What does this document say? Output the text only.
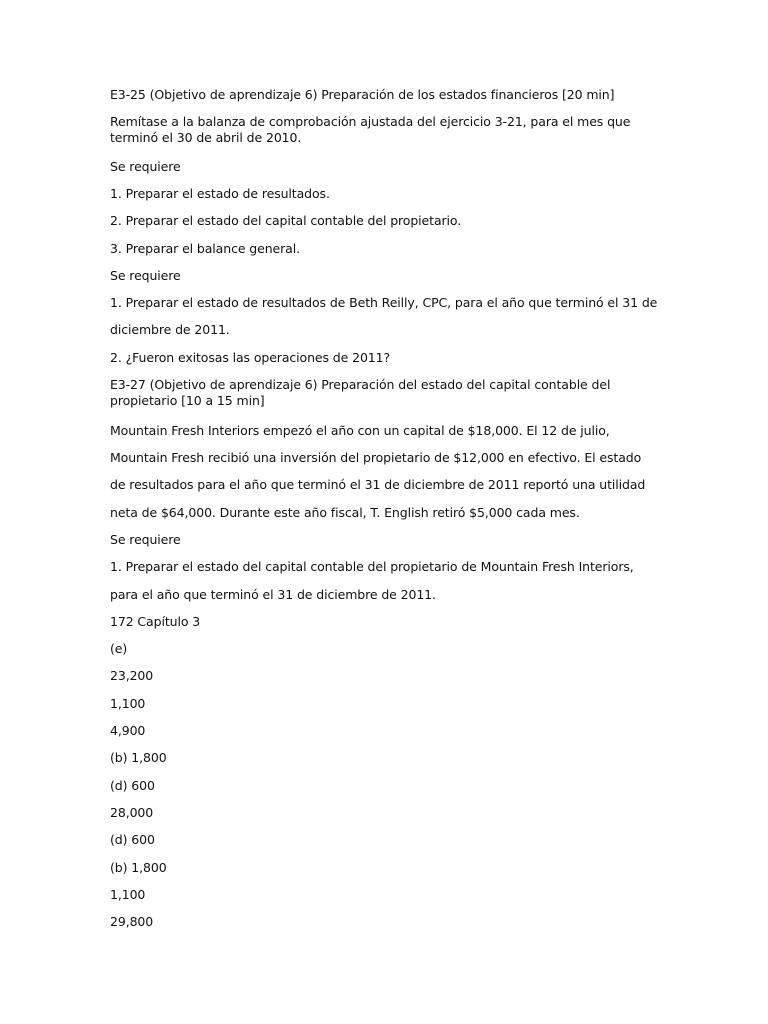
E3-25 (Objetivo de aprendizaje 6) Preparación de los estados financieros [20 min]
Remítase a la balanza de comprobación ajustada del ejercicio 3-21, para el mes que terminó el 30 de abril de 2010.
Se requiere
1. Preparar el estado de resultados.
2. Preparar el estado del capital contable del propietario.
3. Preparar el balance general.
Se requiere
1. Preparar el estado de resultados de Beth Reilly, CPC, para el año que terminó el 31 de
diciembre de 2011.
2. ¿Fueron exitosas las operaciones de 2011?
E3-27 (Objetivo de aprendizaje 6) Preparación del estado del capital contable del propietario [10 a 15 min]
Mountain Fresh Interiors empezó el año con un capital de $18,000. El 12 de julio,
Mountain Fresh recibió una inversión del propietario de $12,000 en efectivo. El estado
de resultados para el año que terminó el 31 de diciembre de 2011 reportó una utilidad
neta de $64,000. Durante este año fiscal, T. English retiró $5,000 cada mes.
Se requiere
1. Preparar el estado del capital contable del propietario de Mountain Fresh Interiors,
para el año que terminó el 31 de diciembre de 2011.
172 Capítulo 3
(e)
23,200
1,100
4,900
(b) 1,800
(d) 600
28,000
(d) 600
(b) 1,800
1,100
29,800
